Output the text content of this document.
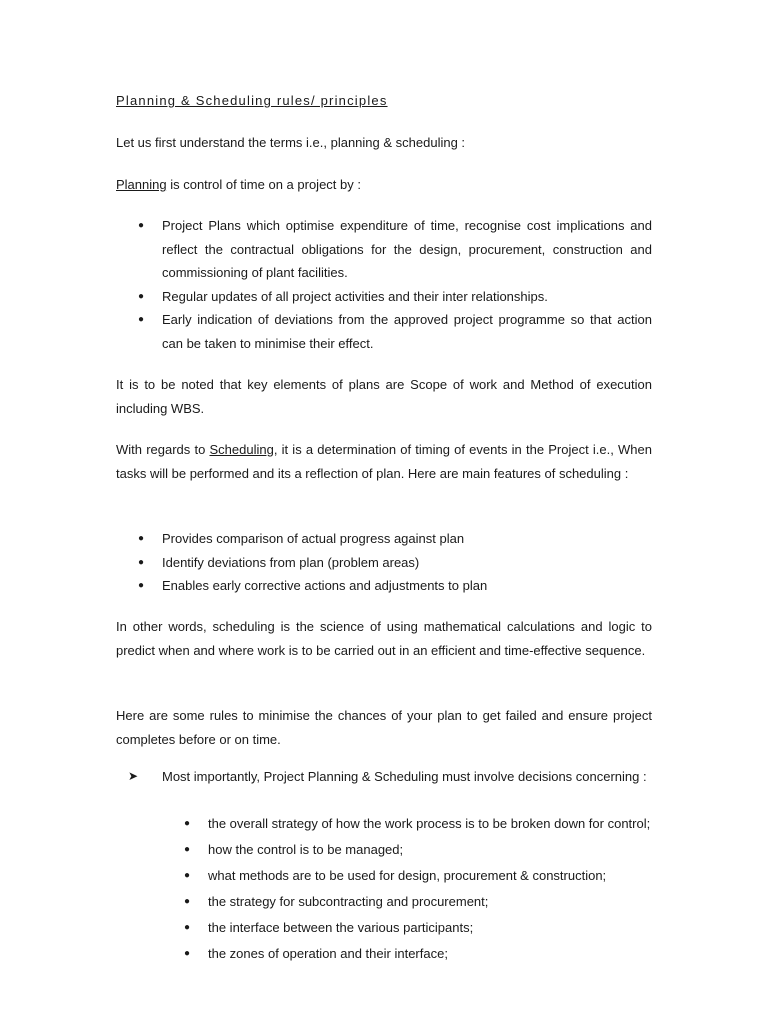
Planning & Scheduling rules/ principles
Let us first understand the terms i.e., planning & scheduling :
Planning is control of time on a project by :
● Project Plans which optimise expenditure of time, recognise cost implications and reflect the contractual obligations for the design, procurement, construction and commissioning of plant facilities.
● Regular updates of all project activities and their inter relationships.
● Early indication of deviations from the approved project programme so that action can be taken to minimise their effect.
It is to be noted that key elements of plans are Scope of work and Method of execution including WBS.
With regards to Scheduling, it is a determination of timing of events in the Project i.e., When tasks will be performed and its a reflection of plan. Here are main features of scheduling :
● Provides comparison of actual progress against plan
● Identify deviations from plan (problem areas)
● Enables early corrective actions and adjustments to plan
In other words, scheduling is the science of using mathematical calculations and logic to predict when and where work is to be carried out in an efficient and time-effective sequence.
Here are some rules to minimise the chances of your plan to get failed and ensure project completes before or on time.
➤	Most importantly, Project Planning & Scheduling must involve decisions concerning :
● the overall strategy of how the work process is to be broken down for control;
● how the control is to be managed;
● what methods are to be used for design, procurement & construction;
● the strategy for subcontracting and procurement;
● the interface between the various participants;
● the zones of operation and their interface;
